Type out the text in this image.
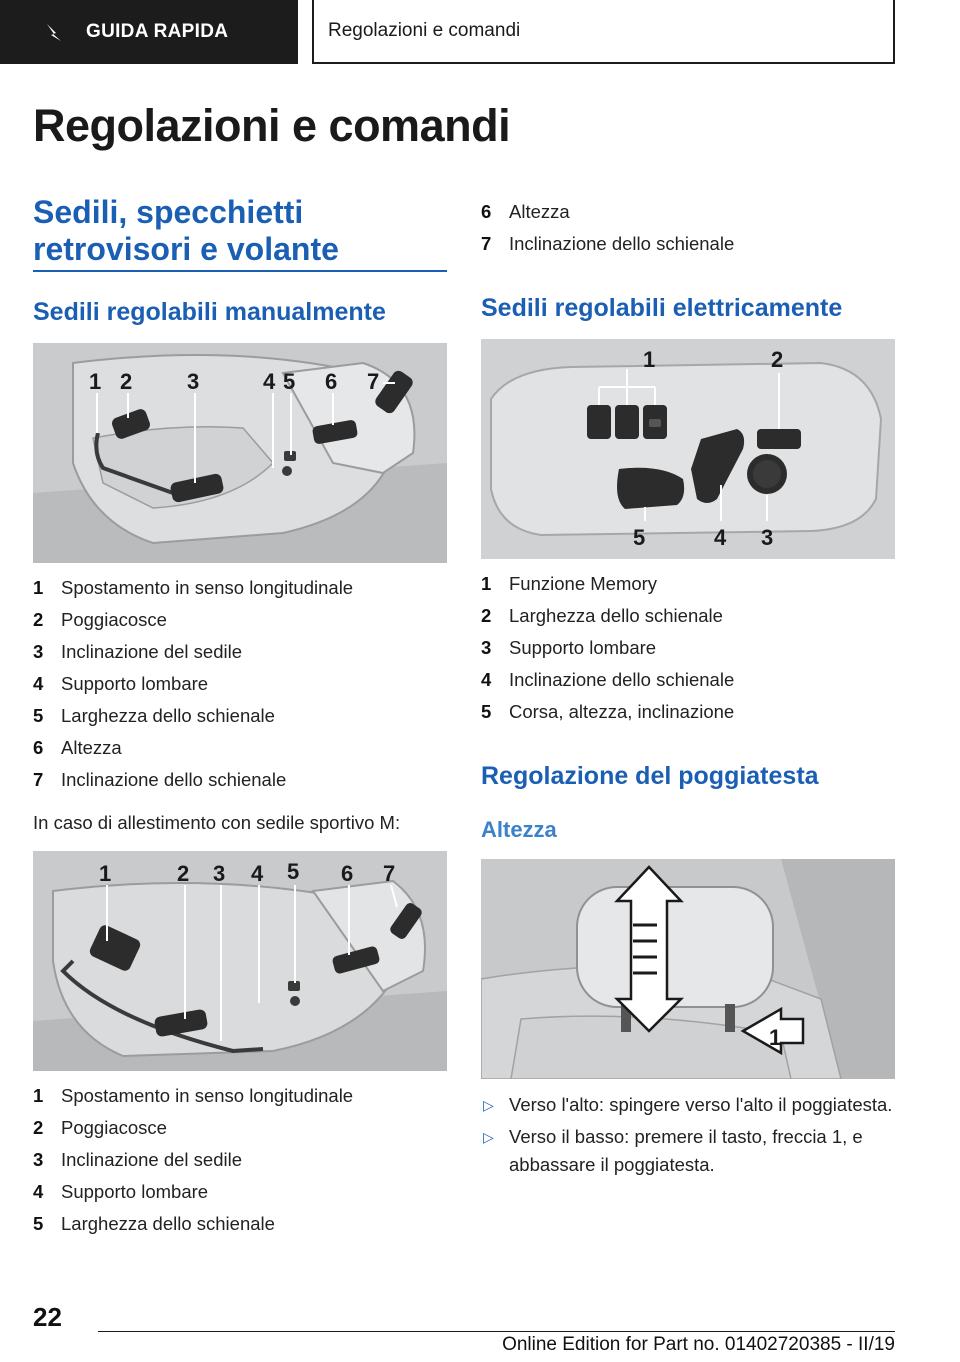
GUIDA RAPIDA	Regolazioni e comandi
Regolazioni e comandi
Sedili, specchietti
retrovisori e volante
Sedili regolabili manualmente
1 2 3	4 5 6 7
1 Spostamento in senso longitudinale
2 Poggiacosce
3 Inclinazione del sedile
4 Supporto lombare
5 Larghezza dello schienale
6 Altezza
7 Inclinazione dello schienale

In caso di allestimento con sedile sportivo M:

1	2 3 4 5 6 7
1 Spostamento in senso longitudinale
2 Poggiacosce
3 Inclinazione del sedile
4 Supporto lombare
5 Larghezza dello schienale
6 Altezza
7 Inclinazione dello schienale
Sedili regolabili elettricamente
1	2
3
4
5
1 Funzione Memory
2 Larghezza dello schienale
3 Supporto lombare
4 Inclinazione dello schienale
5 Corsa, altezza, inclinazione
Regolazione del poggiatesta
Altezza
1
▷ Verso l'alto: spingere verso l'alto il poggiatesta.
▷ Verso il basso: premere il tasto, freccia 1, e abbassare il poggiatesta.
22
Online Edition for Part no. 01402720385 - II/19
